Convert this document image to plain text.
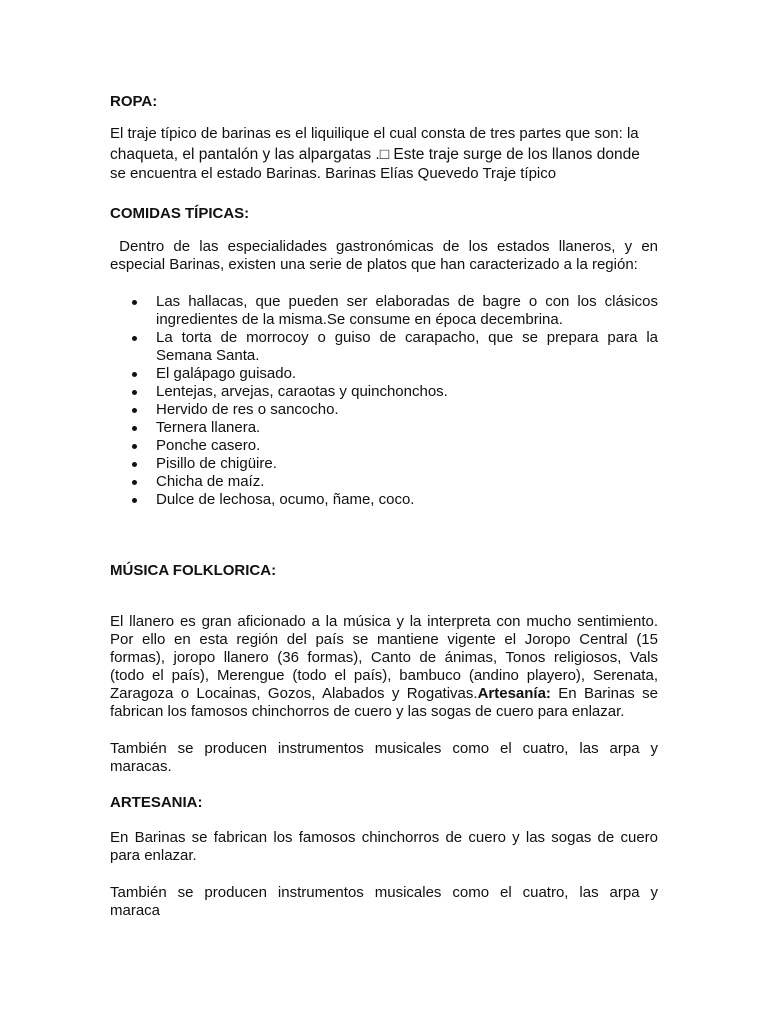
ROPA:
El traje típico de barinas es el liquilique el cual consta de tres partes que son: la
chaqueta, el pantalón y las alpargatas .□ Este traje surge de los llanos donde
se encuentra el estado Barinas. Barinas Elías Quevedo Traje típico
COMIDAS TÍPICAS:
Dentro de las especialidades gastronómicas de los estados llaneros, y en
especial Barinas, existen una serie de platos que han caracterizado a la región:
Las hallacas, que pueden ser elaboradas de bagre o con los clásicos
ingredientes de la misma.Se consume en época decembrina.
La torta de morrocoy o guiso de carapacho, que se prepara para la
Semana Santa.
El galápago guisado.
Lentejas, arvejas, caraotas y quinchonchos.
Hervido de res o sancocho.
Ternera llanera.
Ponche casero.
Pisillo de chigüire.
Chicha de maíz.
Dulce de lechosa, ocumo, ñame, coco.
MÚSICA FOLKLORICA:
El llanero es gran aficionado a la música y la interpreta con mucho sentimiento.
Por ello en esta región del país se mantiene vigente el Joropo Central (15
formas), joropo llanero (36 formas), Canto de ánimas, Tonos religiosos, Vals
(todo el país), Merengue (todo el país), bambuco (andino playero), Serenata,
Zaragoza o Locainas, Gozos, Alabados y Rogativas.Artesanía: En Barinas se
fabrican los famosos chinchorros de cuero y las sogas de cuero para enlazar.
También se producen instrumentos musicales como el cuatro, las arpa y
maracas.
ARTESANIA:
En Barinas se fabrican los famosos chinchorros de cuero y las sogas de cuero
para enlazar.
También se producen instrumentos musicales como el cuatro, las arpa y
maraca
